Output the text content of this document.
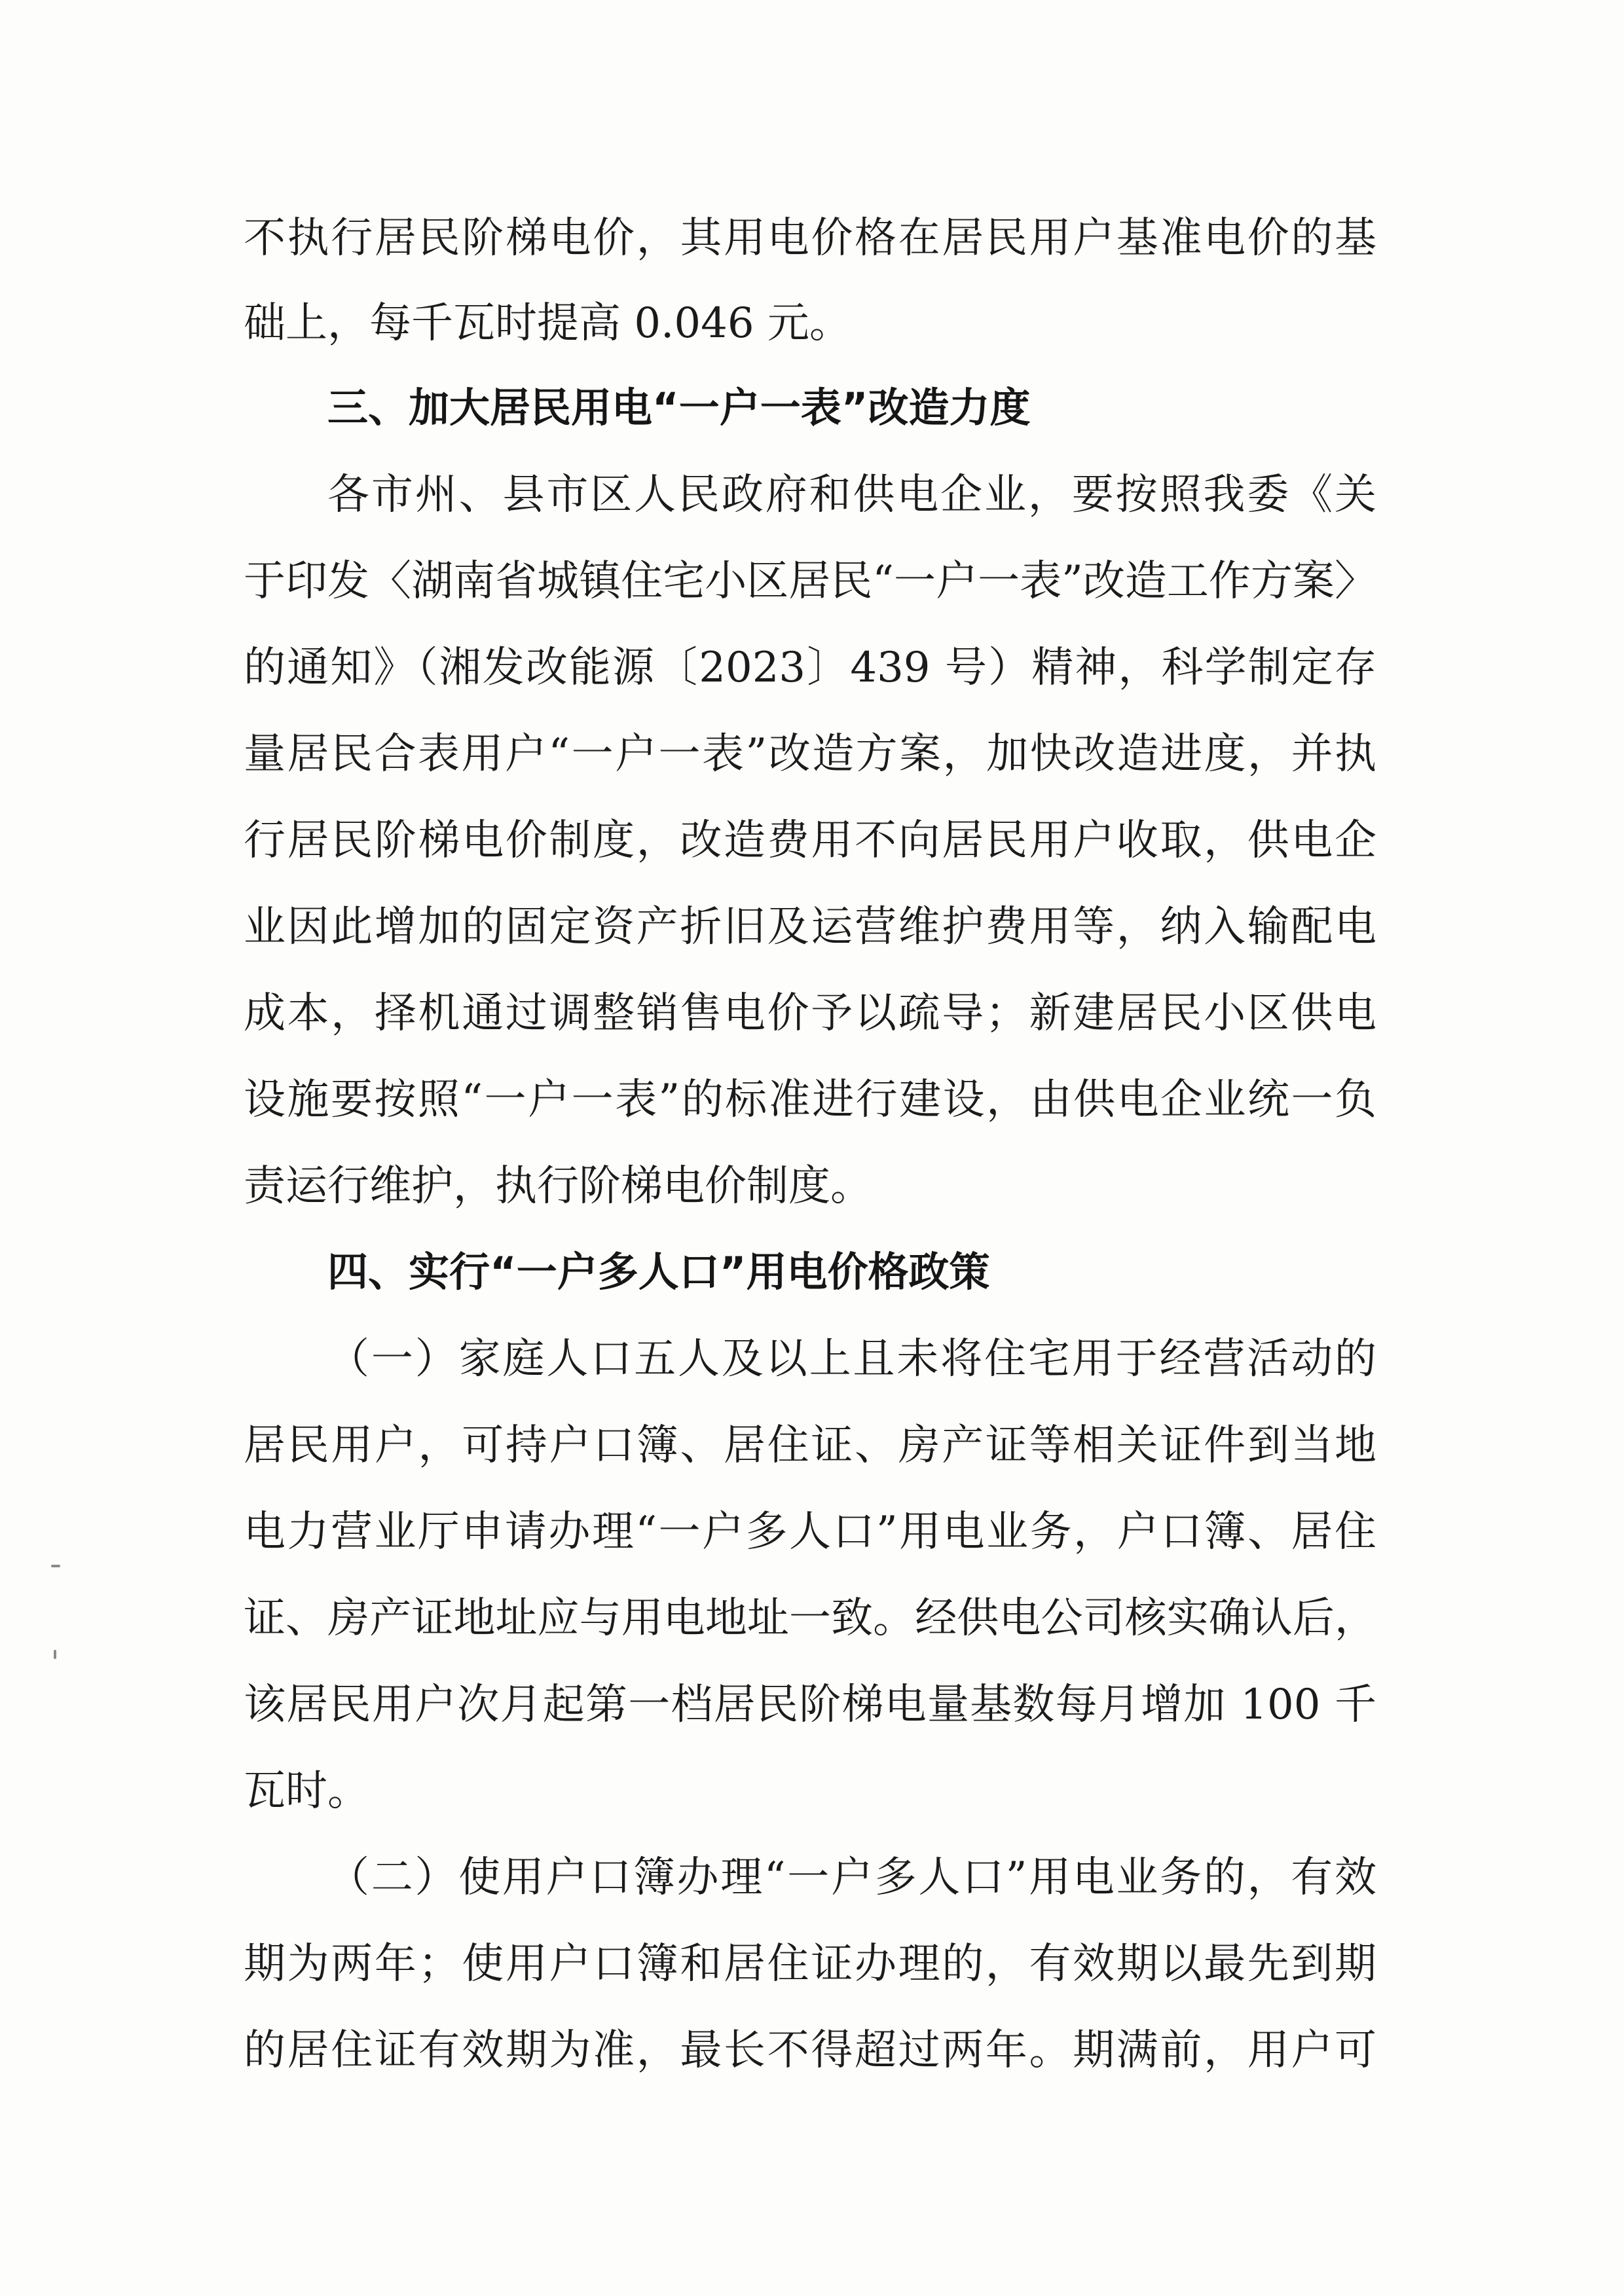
不执行居民阶梯电价，其用电价格在居民用户基准电价的基

础上，每千瓦时提高 0.046 元。

三、加大居民用电“一户一表”改造力度

各市州、县市区人民政府和供电企业，要按照我委《关

于印发〈湖南省城镇住宅小区居民“一户一表”改造工作方案〉

的通知》（湘发改能源〔2023〕439 号）精神，科学制定存

量居民合表用户“一户一表”改造方案，加快改造进度，并执

行居民阶梯电价制度，改造费用不向居民用户收取，供电企

业因此增加的固定资产折旧及运营维护费用等，纳入输配电

成本，择机通过调整销售电价予以疏导；新建居民小区供电

设施要按照“一户一表”的标准进行建设，由供电企业统一负

责运行维护，执行阶梯电价制度。

四、实行“一户多人口”用电价格政策

（一）家庭人口五人及以上且未将住宅用于经营活动的

居民用户，可持户口簿、居住证、房产证等相关证件到当地

电力营业厅申请办理“一户多人口”用电业务，户口簿、居住

证、房产证地址应与用电地址一致。经供电公司核实确认后，

该居民用户次月起第一档居民阶梯电量基数每月增加 100 千

瓦时。

（二）使用户口簿办理“一户多人口”用电业务的，有效

期为两年；使用户口簿和居住证办理的，有效期以最先到期

的居住证有效期为准，最长不得超过两年。期满前，用户可
